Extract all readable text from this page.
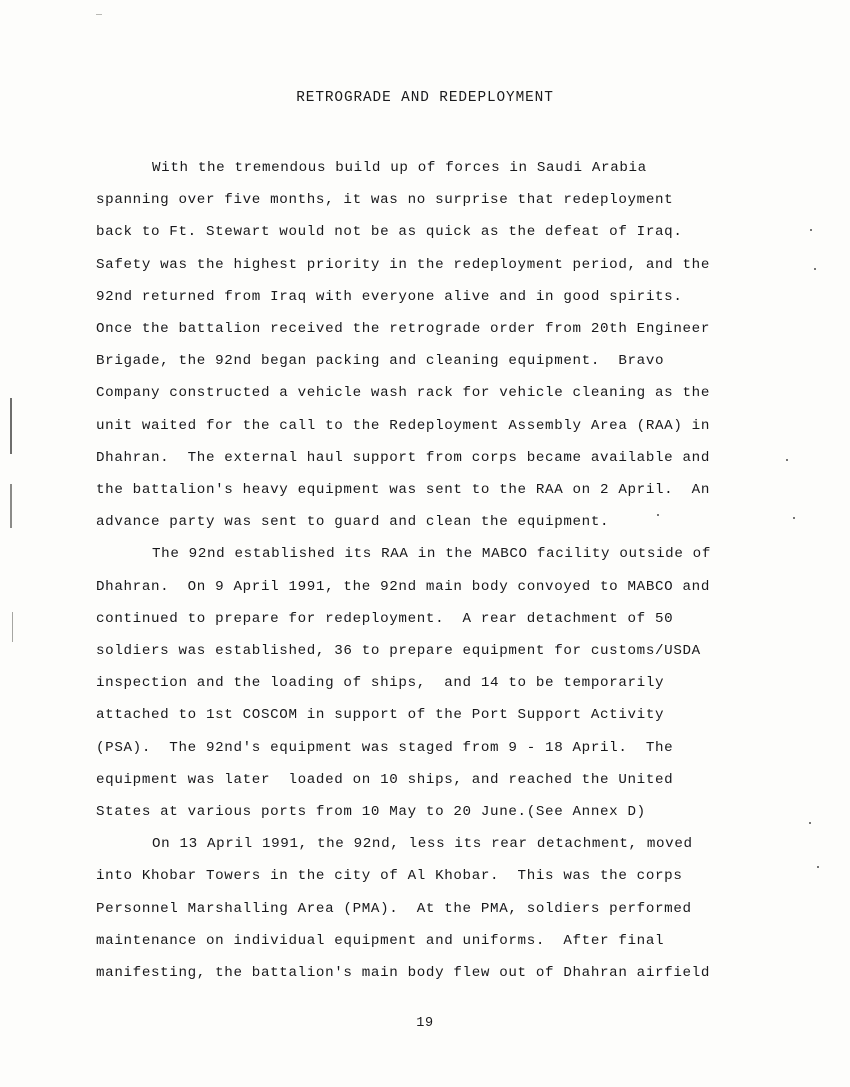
RETROGRADE AND REDEPLOYMENT
With the tremendous build up of forces in Saudi Arabia
spanning over five months, it was no surprise that redeployment
back to Ft. Stewart would not be as quick as the defeat of Iraq.
Safety was the highest priority in the redeployment period, and the
92nd returned from Iraq with everyone alive and in good spirits.
Once the battalion received the retrograde order from 20th Engineer
Brigade, the 92nd began packing and cleaning equipment.  Bravo
Company constructed a vehicle wash rack for vehicle cleaning as the
unit waited for the call to the Redeployment Assembly Area (RAA) in
Dhahran.  The external haul support from corps became available and
the battalion's heavy equipment was sent to the RAA on 2 April.  An
advance party was sent to guard and clean the equipment.
The 92nd established its RAA in the MABCO facility outside of
Dhahran.  On 9 April 1991, the 92nd main body convoyed to MABCO and
continued to prepare for redeployment.  A rear detachment of 50
soldiers was established, 36 to prepare equipment for customs/USDA
inspection and the loading of ships,  and 14 to be temporarily
attached to 1st COSCOM in support of the Port Support Activity
(PSA).  The 92nd's equipment was staged from 9 - 18 April.  The
equipment was later  loaded on 10 ships, and reached the United
States at various ports from 10 May to 20 June.(See Annex D)
On 13 April 1991, the 92nd, less its rear detachment, moved
into Khobar Towers in the city of Al Khobar.  This was the corps
Personnel Marshalling Area (PMA).  At the PMA, soldiers performed
maintenance on individual equipment and uniforms.  After final
manifesting, the battalion's main body flew out of Dhahran airfield
19
